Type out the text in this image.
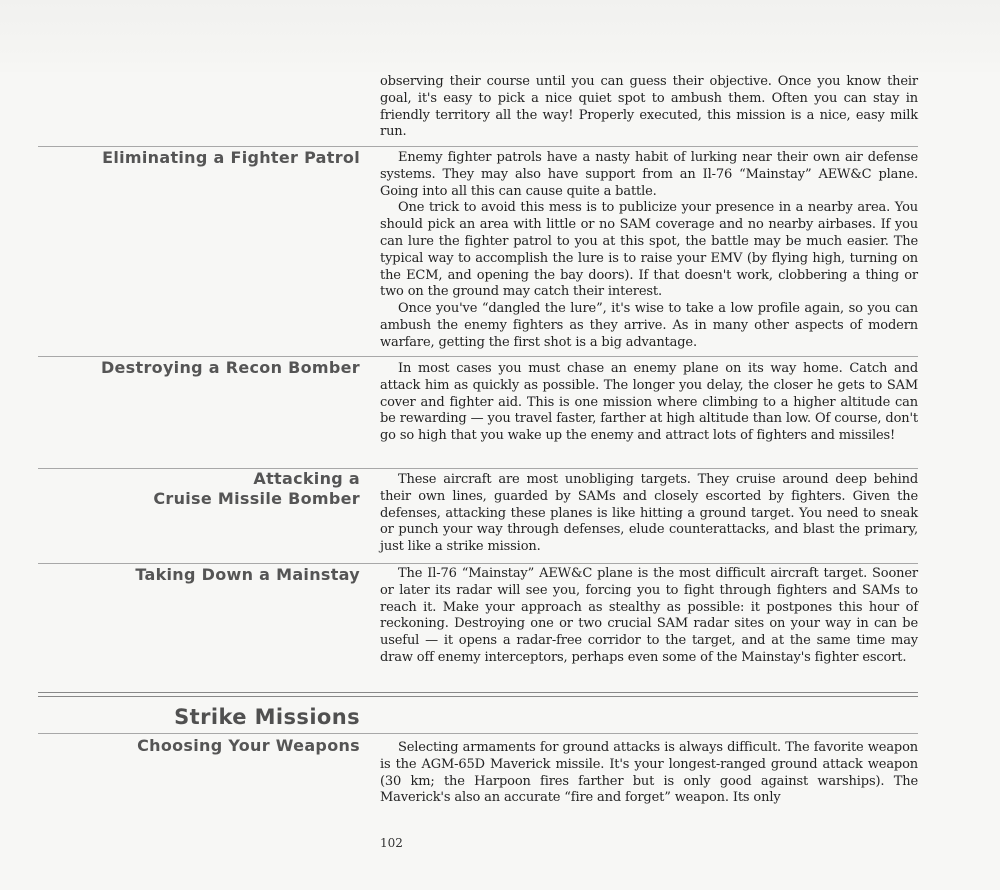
observing their course until you can guess their objective. Once you know their goal, it's easy to pick a nice quiet spot to ambush them. Often you can stay in friendly territory all the way! Properly executed, this mission is a nice, easy milk run.

Eliminating a Fighter Patrol	Enemy fighter patrols have a nasty habit of lurking near their own air defense systems. They may also have support from an Il-76 “Mainstay” AEW&C plane. Going into all this can cause quite a battle.

One trick to avoid this mess is to publicize your presence in a nearby area. You should pick an area with little or no SAM coverage and no nearby airbases. If you can lure the fighter patrol to you at this spot, the battle may be much easier. The typical way to accomplish the lure is to raise your EMV (by flying high, turning on the ECM, and opening the bay doors). If that doesn't work, clobbering a thing or two on the ground may catch their interest.

Once you've “dangled the lure”, it's wise to take a low profile again, so you can ambush the enemy fighters as they arrive. As in many other aspects of modern warfare, getting the first shot is a big advantage.

Destroying a Recon Bomber	In most cases you must chase an enemy plane on its way home. Catch and attack him as quickly as possible. The longer you delay, the closer he gets to SAM cover and fighter aid. This is one mission where climbing to a higher altitude can be rewarding — you travel faster, farther at high altitude than low. Of course, don't go so high that you wake up the enemy and attract lots of fighters and missiles!

Attacking a
Cruise Missile Bomber

These aircraft are most unobliging targets. They cruise around deep behind their own lines, guarded by SAMs and closely escorted by fighters. Given the defenses, attacking these planes is like hitting a ground target. You need to sneak or punch your way through defenses, elude counterattacks, and blast the primary, just like a strike mission.

Taking Down a Mainstay	The Il-76 “Mainstay” AEW&C plane is the most difficult aircraft target. Sooner or later its radar will see you, forcing you to fight through fighters and SAMs to reach it. Make your approach as stealthy as possible: it postpones this hour of reckoning. Destroying one or two crucial SAM radar sites on your way in can be useful — it opens a radar-free corridor to the target, and at the same time may draw off enemy interceptors, perhaps even some of the Mainstay's fighter escort.

Strike Missions
Choosing Your Weapons	Selecting armaments for ground attacks is always difficult. The favorite weapon is the AGM-65D Maverick missile. It's your longest-ranged ground attack weapon (30 km; the Harpoon fires farther but is only good against warships). The Maverick's also an accurate “fire and forget” weapon. Its only

102
